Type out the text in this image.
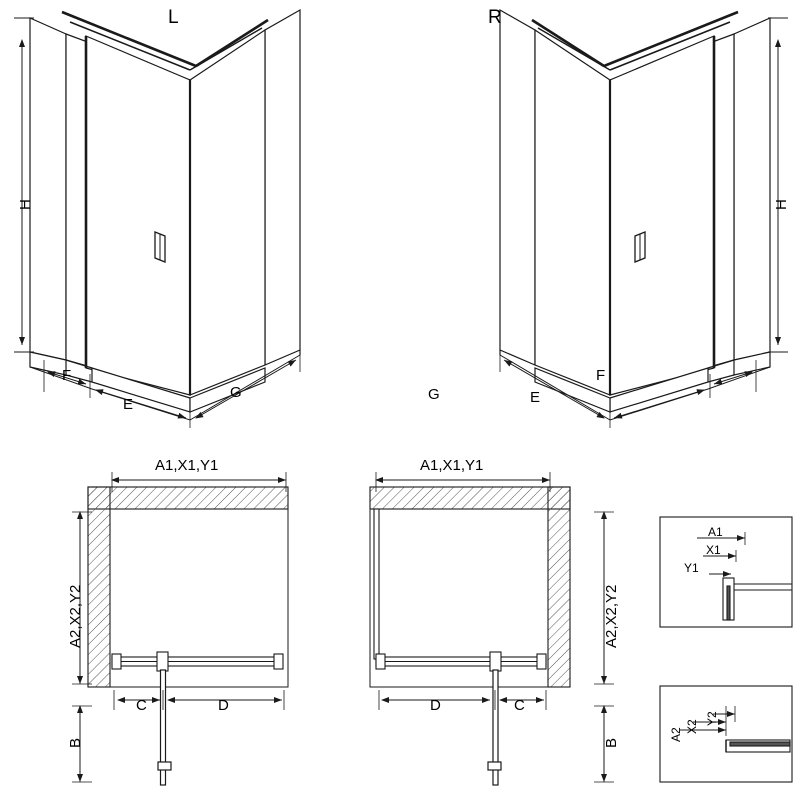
L	R
H	H
F
E
G	G	E
F
A1,X1,Y1
A2,X2,Y2
C	D
B
A1,X1,Y1
A2,X2,Y2
D	C
B
A1
X1
Y1
A2
X2
Y2
